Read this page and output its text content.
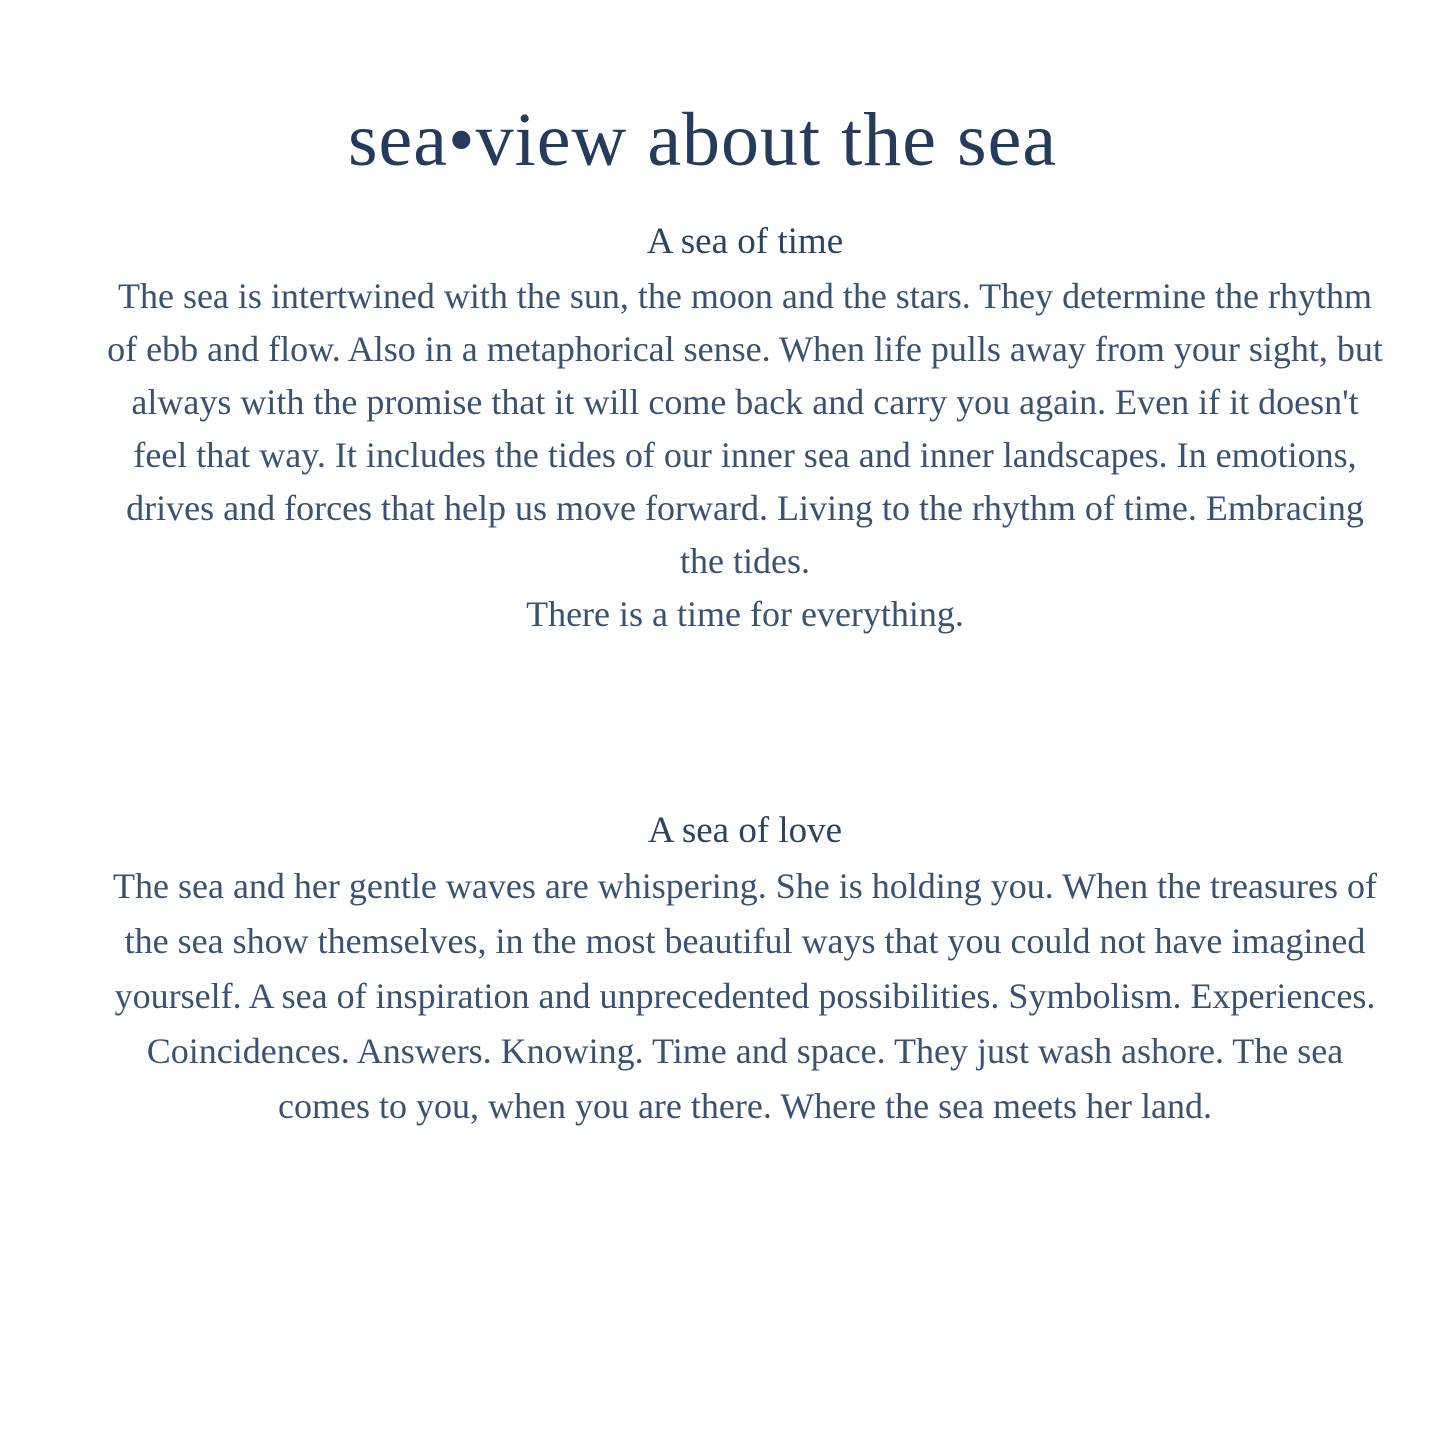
sea•view about the sea
A sea of time

The sea is intertwined with the sun, the moon and the stars. They determine the rhythm of ebb and flow. Also in a metaphorical sense. When life pulls away from your sight, but always with the promise that it will come back and carry you again. Even if it doesn't feel that way. It includes the tides of our inner sea and inner landscapes. In emotions, drives and forces that help us move forward. Living to the rhythm of time. Embracing the tides.

There is a time for everything.

A sea of love

The sea and her gentle waves are whispering. She is holding you. When the treasures of the sea show themselves, in the most beautiful ways that you could not have imagined yourself. A sea of inspiration and unprecedented possibilities. Symbolism. Experiences. Coincidences. Answers. Knowing. Time and space. They just wash ashore. The sea comes to you, when you are there. Where the sea meets her land.
